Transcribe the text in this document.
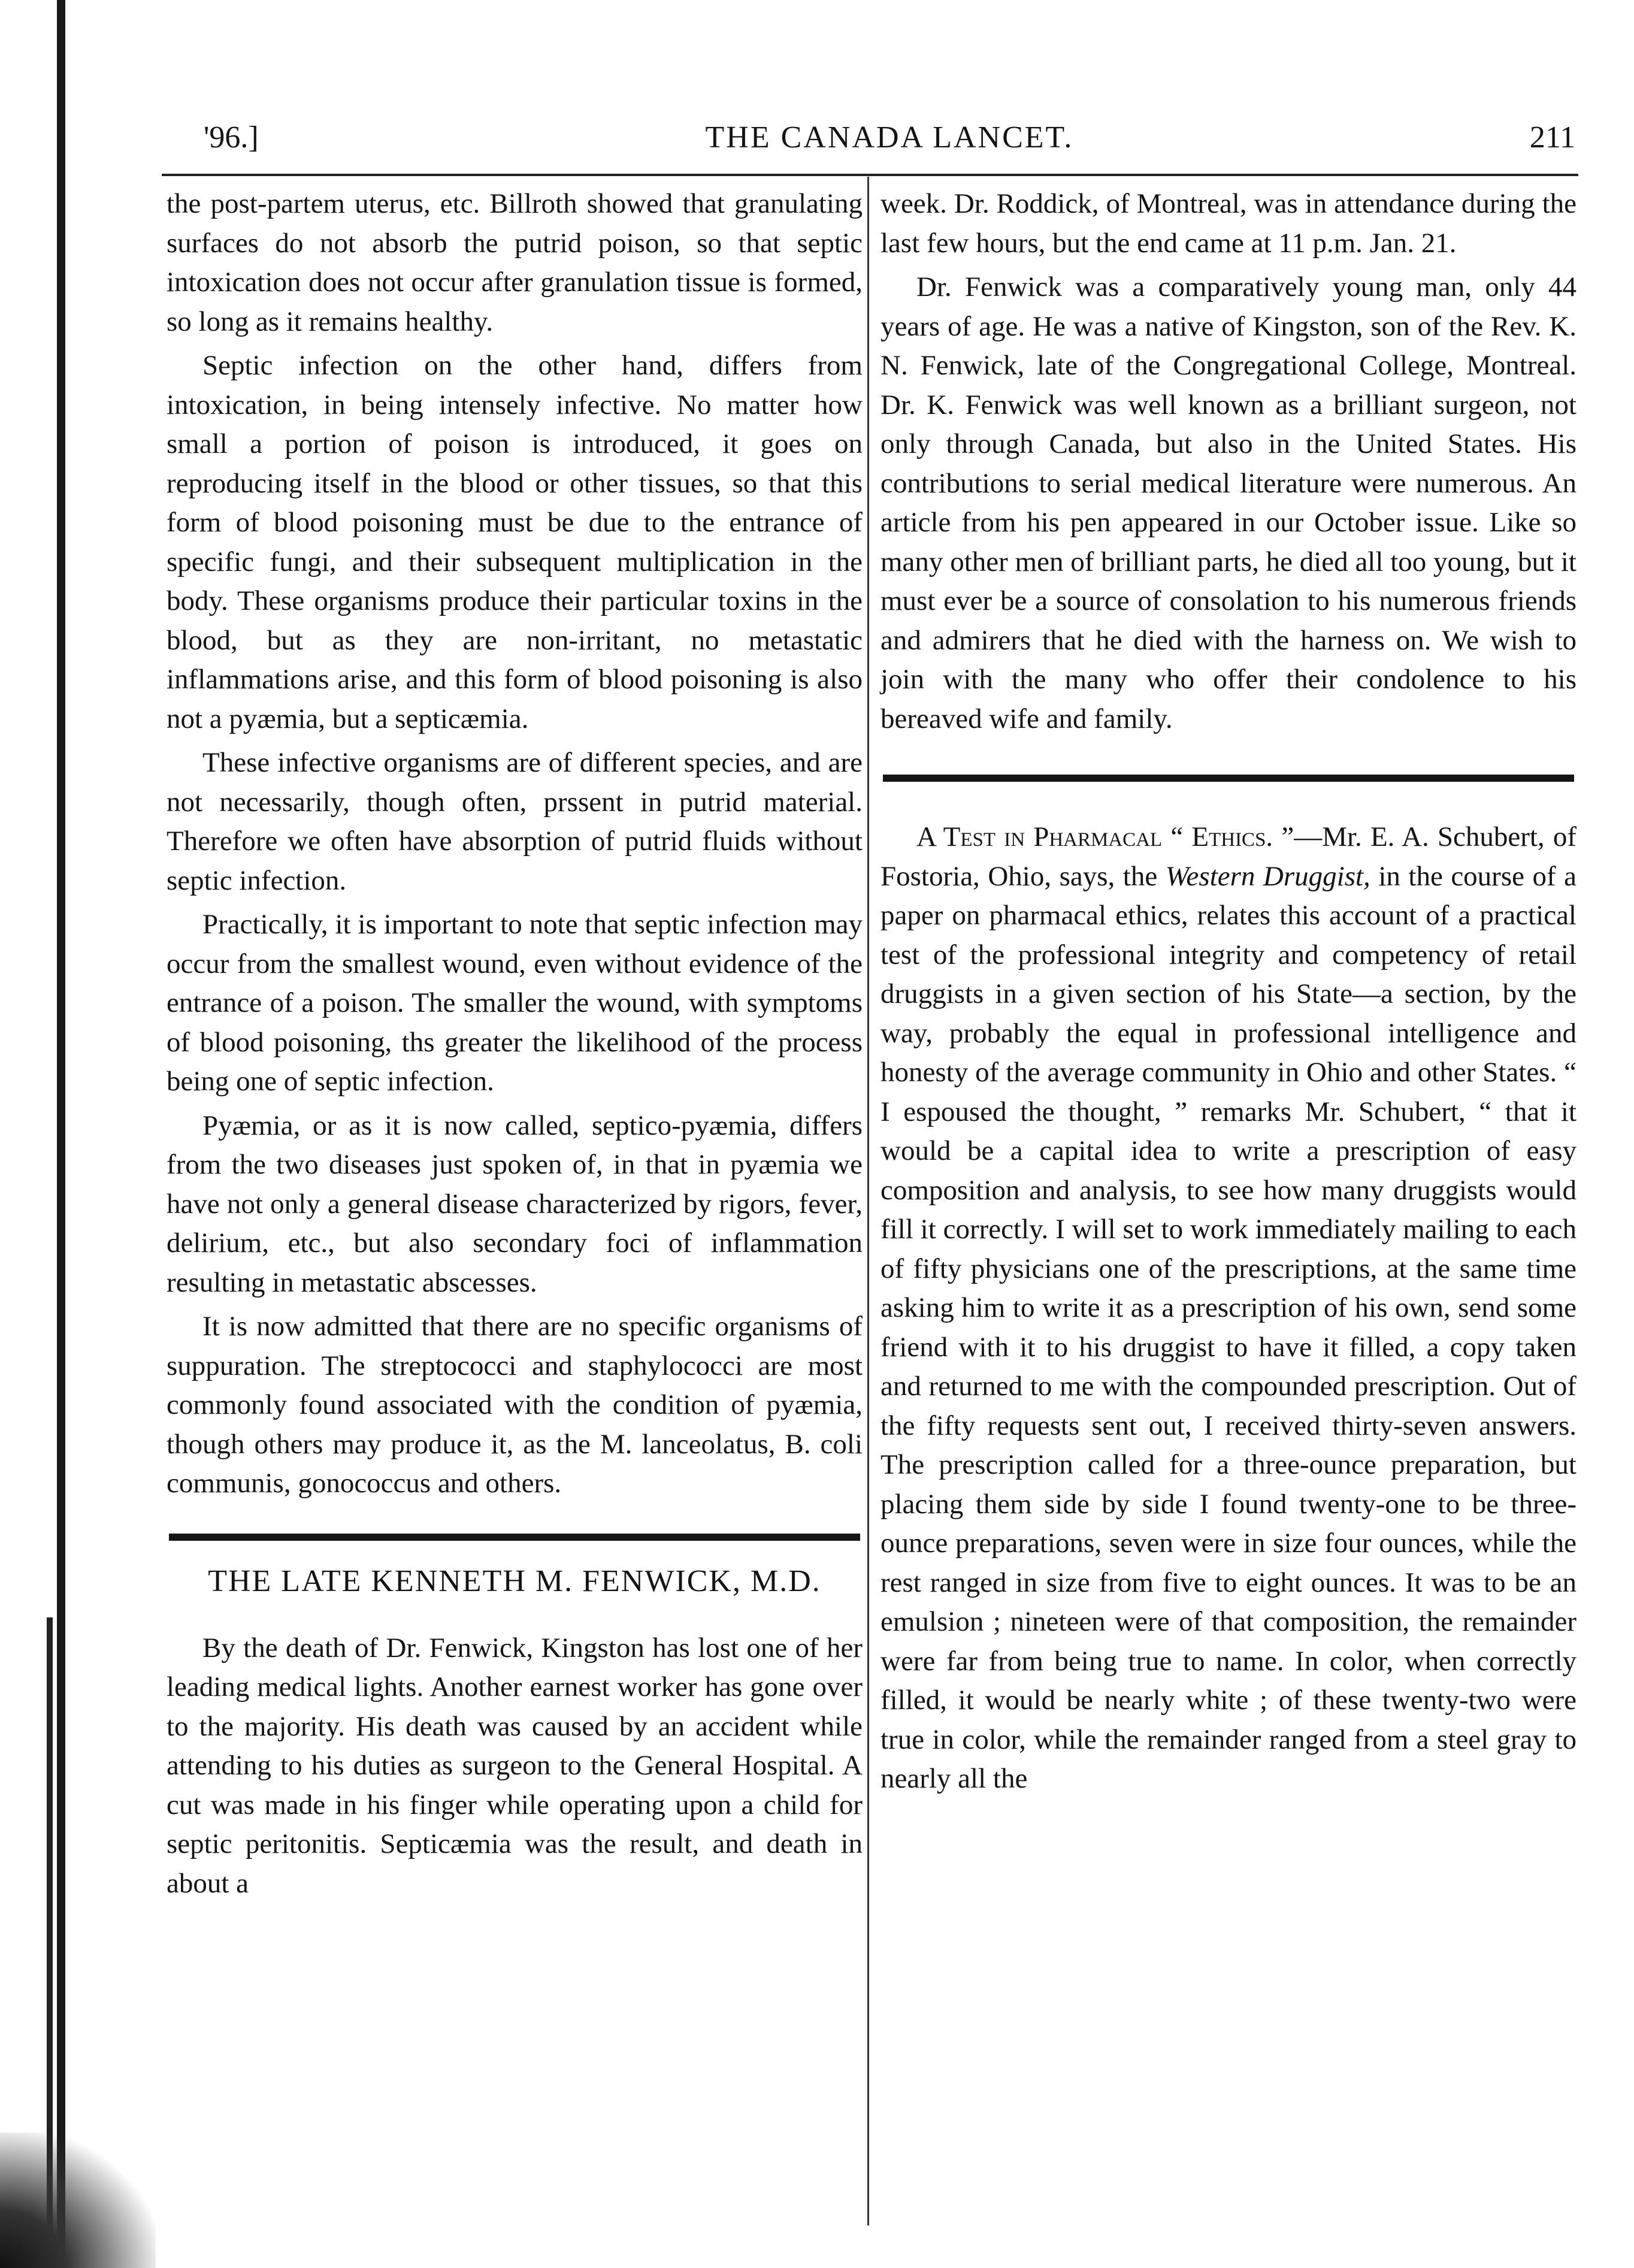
'96.]	THE CANADA LANCET.	211

the post-partem uterus, etc. Billroth showed that granulating surfaces do not absorb the putrid poison, so that septic intoxication does not occur after granulation tissue is formed, so long as it remains healthy.

Septic infection on the other hand, differs from intoxication, in being intensely infective. No matter how small a portion of poison is introduced, it goes on reproducing itself in the blood or other tissues, so that this form of blood poisoning must be due to the entrance of specific fungi, and their subsequent multiplication in the body. These organisms produce their particular toxins in the blood, but as they are non-irritant, no metastatic inflammations arise, and this form of blood poisoning is also not a pyæmia, but a septicæmia.

These infective organisms are of different species, and are not necessarily, though often, prssent in putrid material. Therefore we often have absorption of putrid fluids without septic infection.

Practically, it is important to note that septic infection may occur from the smallest wound, even without evidence of the entrance of a poison. The smaller the wound, with symptoms of blood poisoning, ths greater the likelihood of the process being one of septic infection.

Pyæmia, or as it is now called, septico-pyæmia, differs from the two diseases just spoken of, in that in pyæmia we have not only a general disease characterized by rigors, fever, delirium, etc., but also secondary foci of inflammation resulting in metastatic abscesses.

It is now admitted that there are no specific organisms of suppuration. The streptococci and staphylococci are most commonly found associated with the condition of pyæmia, though others may produce it, as the M. lanceolatus, B. coli communis, gonococcus and others.

THE LATE KENNETH M. FENWICK, M.D.

By the death of Dr. Fenwick, Kingston has lost one of her leading medical lights. Another earnest worker has gone over to the majority. His death was caused by an accident while attending to his duties as surgeon to the General Hospital. A cut was made in his finger while operating upon a child for septic peritonitis. Septicæmia was the result, and death in about a

week. Dr. Roddick, of Montreal, was in attendance during the last few hours, but the end came at 11 p.m. Jan. 21.

Dr. Fenwick was a comparatively young man, only 44 years of age. He was a native of Kingston, son of the Rev. K. N. Fenwick, late of the Congregational College, Montreal. Dr. K. Fenwick was well known as a brilliant surgeon, not only through Canada, but also in the United States. His contributions to serial medical literature were numerous. An article from his pen appeared in our October issue. Like so many other men of brilliant parts, he died all too young, but it must ever be a source of consolation to his numerous friends and admirers that he died with the harness on. We wish to join with the many who offer their condolence to his bereaved wife and family.

A Test in Pharmacal “ Ethics. ”—Mr. E. A. Schubert, of Fostoria, Ohio, says, the Western Druggist, in the course of a paper on pharmacal ethics, relates this account of a practical test of the professional integrity and competency of retail druggists in a given section of his State—a section, by the way, probably the equal in professional intelligence and honesty of the average community in Ohio and other States. “ I espoused the thought, ” remarks Mr. Schubert, “ that it would be a capital idea to write a prescription of easy composition and analysis, to see how many druggists would fill it correctly. I will set to work immediately mailing to each of fifty physicians one of the prescriptions, at the same time asking him to write it as a prescription of his own, send some friend with it to his druggist to have it filled, a copy taken and returned to me with the compounded prescription. Out of the fifty requests sent out, I received thirty-seven answers. The prescription called for a three-ounce preparation, but placing them side by side I found twenty-one to be three-ounce preparations, seven were in size four ounces, while the rest ranged in size from five to eight ounces. It was to be an emulsion ; nineteen were of that composition, the remainder were far from being true to name. In color, when correctly filled, it would be nearly white ; of these twenty-two were true in color, while the remainder ranged from a steel gray to nearly all the
